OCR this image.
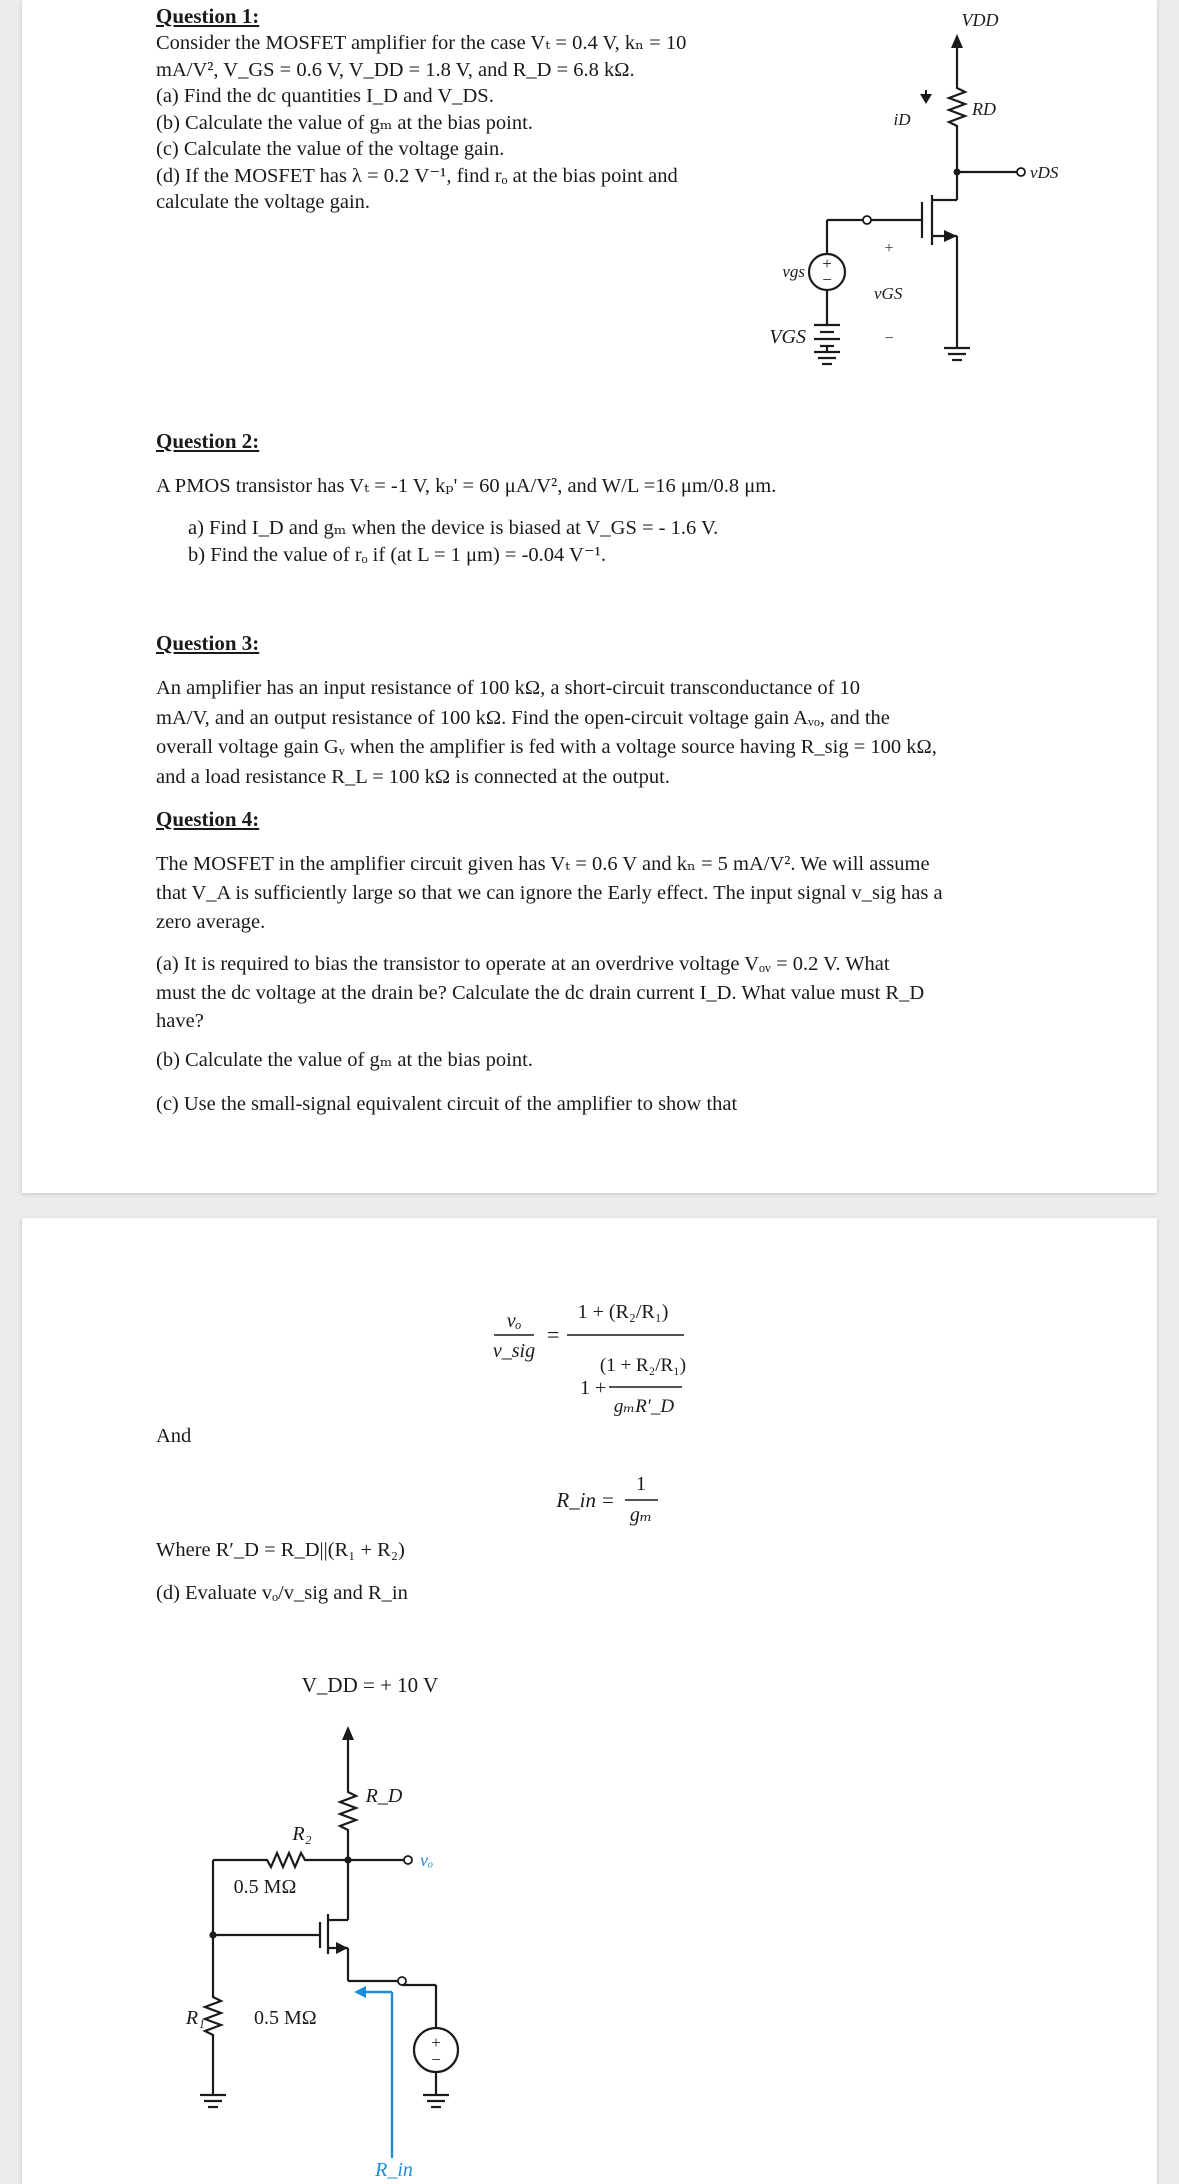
Question 1:

Consider the MOSFET amplifier for the case Vₜ = 0.4 V, kₙ = 10
mA/V², V_GS = 0.6 V, V_DD = 1.8 V, and R_D = 6.8 kΩ.
(a) Find the dc quantities I_D and V_DS.
(b) Calculate the value of gₘ at the bias point.
(c) Calculate the value of the voltage gain.
(d) If the MOSFET has λ = 0.2 V⁻¹, find rₒ at the bias point and
calculate the voltage gain.
+
−
VDD
RD
iD
vDS
vgs
vGS
VGS
+
−

Question 2:

A PMOS transistor has Vₜ = -1 V, kₚ' = 60 μA/V², and W/L =16 μm/0.8 μm.

a) Find I_D and gₘ when the device is biased at V_GS = - 1.6 V.
b) Find the value of rₒ if (at L = 1 μm) = -0.04 V⁻¹.

Question 3:

An amplifier has an input resistance of 100 kΩ, a short-circuit transconductance of 10
mA/V, and an output resistance of 100 kΩ. Find the open-circuit voltage gain Aᵥₒ, and the
overall voltage gain Gᵥ when the amplifier is fed with a voltage source having R_sig = 100 kΩ,
and a load resistance R_L = 100 kΩ is connected at the output.

Question 4:

The MOSFET in the amplifier circuit given has Vₜ = 0.6 V and kₙ = 5 mA/V². We will assume
that V_A is sufficiently large so that we can ignore the Early effect. The input signal v_sig has a
zero average.
(a) It is required to bias the transistor to operate at an overdrive voltage Vₒᵥ = 0.2 V. What
must the dc voltage at the drain be? Calculate the dc drain current I_D. What value must R_D
have?

(b) Calculate the value of gₘ at the bias point.

(c) Use the small-signal equivalent circuit of the amplifier to show that

vₒ
v_sig
=
1 + (R₂/R₁)
1 +
(1 + R₂/R₁)
gₘR′_D
R_in =
1
gₘ

And

Where R′_D = R_D||(R₁ + R₂)

(d) Evaluate vₒ/v_sig and R_in

+
−
V_DD = + 10 V
R_D
R₂
0.5 MΩ
R₁ 0.5 MΩ
vₒ
R_in
